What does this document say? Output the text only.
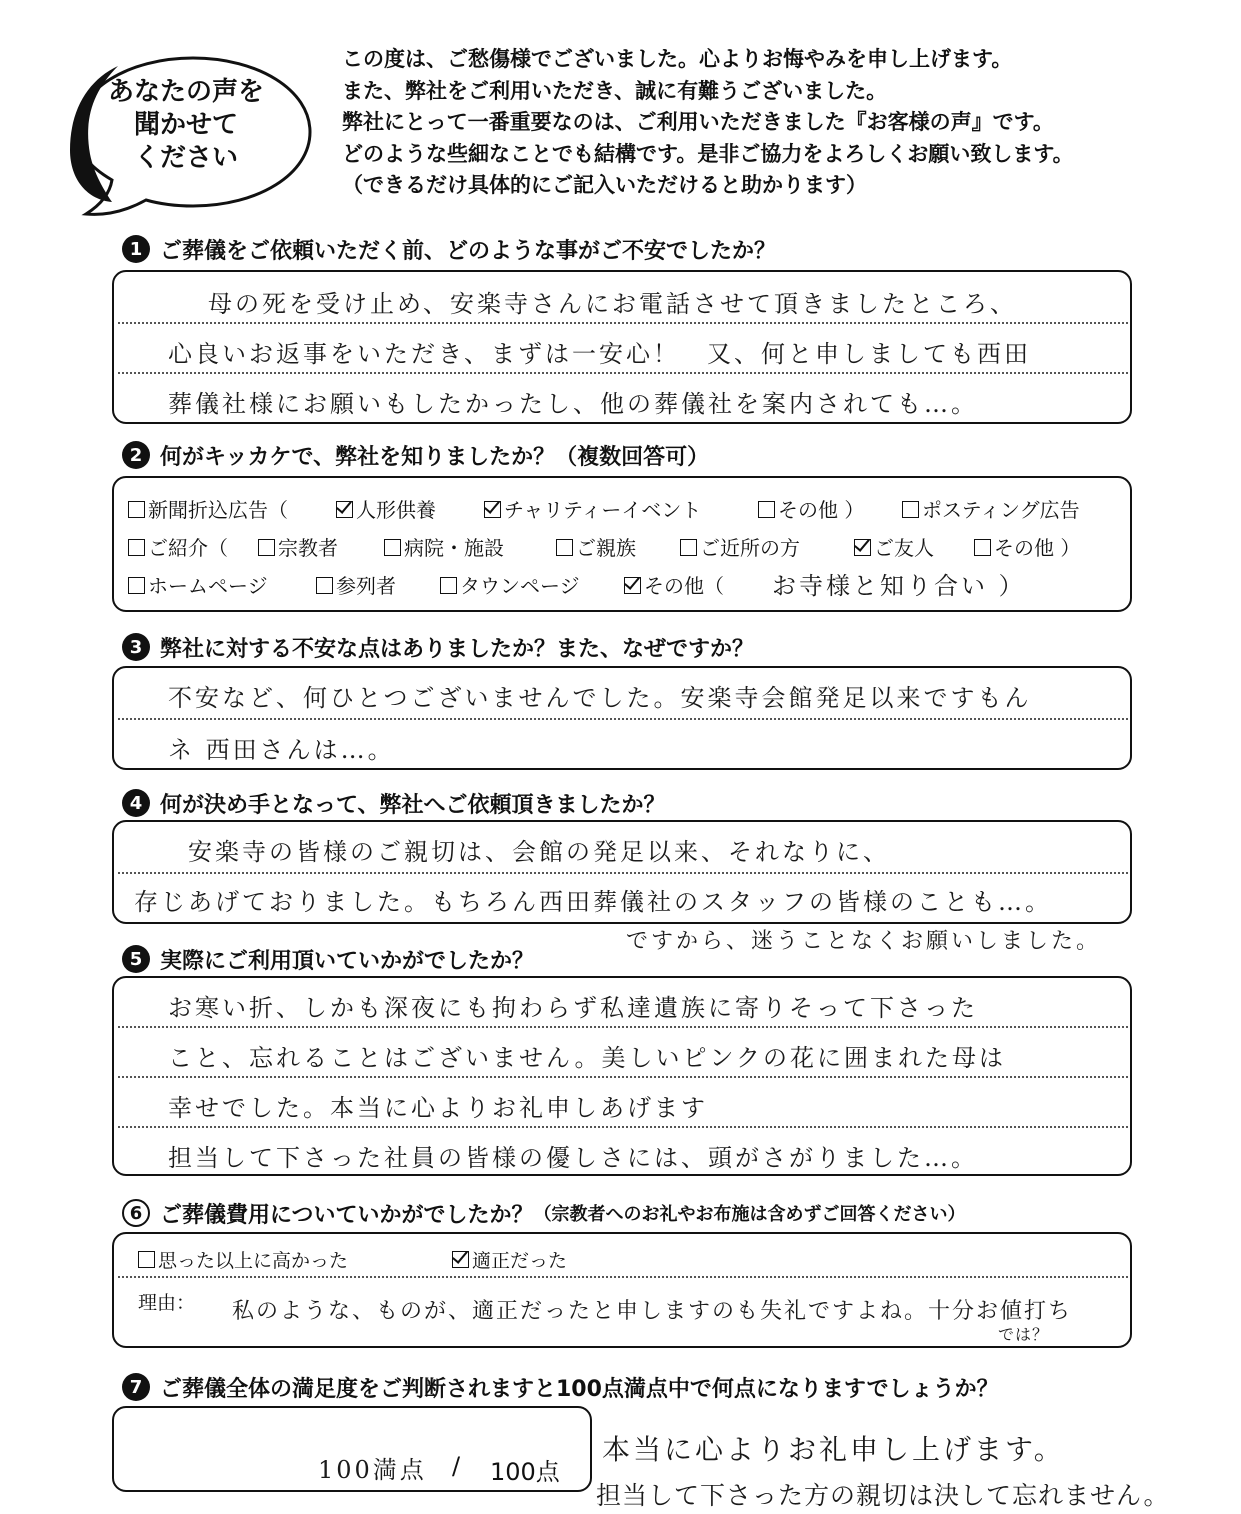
あなたの声を
聞かせて
ください
この度は、ご愁傷様でございました。心よりお悔やみを申し上げます。
また、弊社をご利用いただき、誠に有難うございました。
弊社にとって一番重要なのは、ご利用いただきました『お客様の声』です。
どのような些細なことでも結構です。是非ご協力をよろしくお願い致します。
（できるだけ具体的にご記入いただけると助かります）
1 ご葬儀をご依頼いただく前、どのような事がご不安でしたか？
母の死を受け止め、安楽寺さんにお電話させて頂きましたところ、
心良いお返事をいただき、まずは一安心！　又、何と申しましても西田
葬儀社様にお願いもしたかったし、他の葬儀社を案内されても…。
2 何がキッカケで、弊社を知りましたか？（複数回答可）
新聞折込広告（	人形供養	チャリティーイベント	その他 ）	ポスティング広告
ご紹介（	宗教者	病院・施設	ご親族	ご近所の方	ご友人	その他 ）
ホームページ	参列者	タウンページ	その他（ お寺様と知り合い ）
3 弊社に対する不安な点はありましたか？また、なぜですか？
不安など、何ひとつございませんでした。安楽寺会館発足以来ですもん
ネ 西田さんは…。
4 何が決め手となって、弊社へご依頼頂きましたか？
安楽寺の皆様のご親切は、会館の発足以来、それなりに、
存じあげておりました。もちろん西田葬儀社のスタッフの皆様のことも…。
ですから、迷うことなくお願いしました。
5 実際にご利用頂いていかがでしたか？
お寒い折、しかも深夜にも拘わらず私達遺族に寄りそって下さった
こと、忘れることはございません。美しいピンクの花に囲まれた母は
幸せでした。本当に心よりお礼申しあげます
担当して下さった社員の皆様の優しさには、頭がさがりました…。
6 ご葬儀費用についていかがでしたか？ （宗教者へのお礼やお布施は含めずご回答ください）
思った以上に高かった	適正だった
理由： 私のような、ものが、適正だったと申しますのも失礼ですよね。十分お値打ち
では？
7 ご葬儀全体の満足度をご判断されますと100点満点中で何点になりますでしょうか？
100満点 / 100点
本当に心よりお礼申し上げます。
担当して下さった方の親切は決して忘れません。
